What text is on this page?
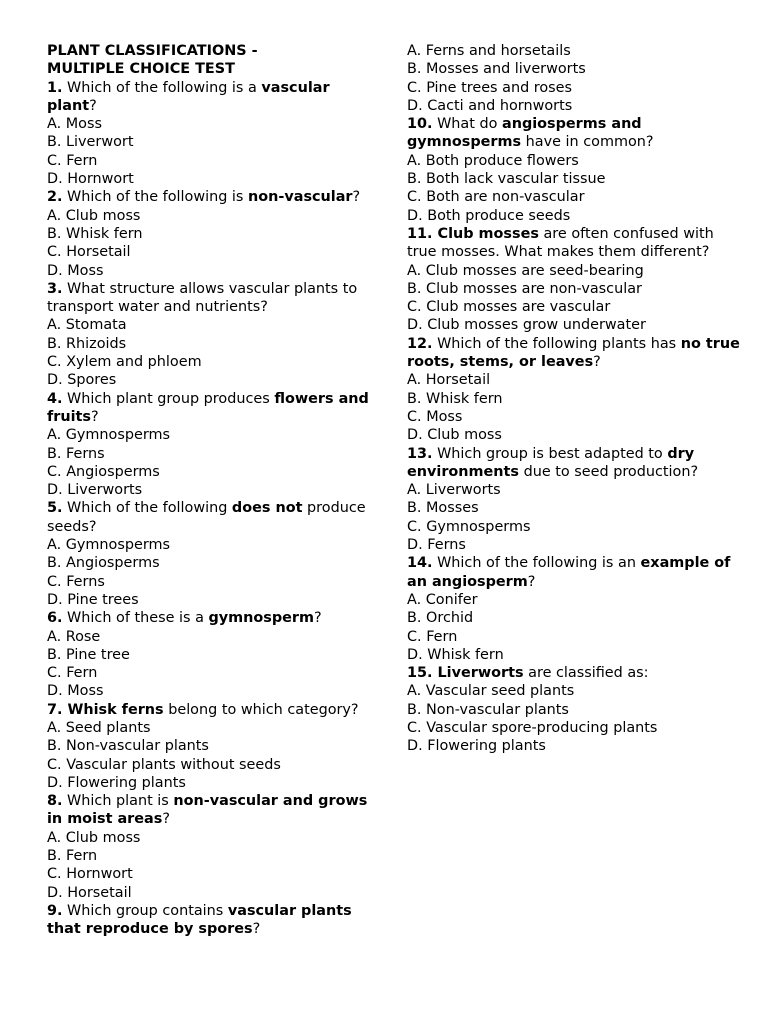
PLANT CLASSIFICATIONS -
MULTIPLE CHOICE TEST

1. Which of the following is a vascular plant?

A. Moss

B. Liverwort

C. Fern

D. Hornwort

2. Which of the following is non-vascular?

A. Club moss

B. Whisk fern

C. Horsetail

D. Moss

3. What structure allows vascular plants to transport water and nutrients?

A. Stomata

B. Rhizoids

C. Xylem and phloem

D. Spores

4. Which plant group produces flowers and fruits?

A. Gymnosperms

B. Ferns

C. Angiosperms

D. Liverworts

5. Which of the following does not produce seeds?

A. Gymnosperms

B. Angiosperms

C. Ferns

D. Pine trees

6. Which of these is a gymnosperm?

A. Rose

B. Pine tree

C. Fern

D. Moss

7. Whisk ferns belong to which category?

A. Seed plants

B. Non-vascular plants

C. Vascular plants without seeds

D. Flowering plants

8. Which plant is non-vascular and grows in moist areas?

A. Club moss

B. Fern

C. Hornwort

D. Horsetail

9. Which group contains vascular plants that reproduce by spores?

A. Ferns and horsetails

B. Mosses and liverworts

C. Pine trees and roses

D. Cacti and hornworts

10. What do angiosperms and gymnosperms have in common?

A. Both produce flowers

B. Both lack vascular tissue

C. Both are non-vascular

D. Both produce seeds

11. Club mosses are often confused with true mosses. What makes them different?

A. Club mosses are seed-bearing

B. Club mosses are non-vascular

C. Club mosses are vascular

D. Club mosses grow underwater

12. Which of the following plants has no true roots, stems, or leaves?

A. Horsetail

B. Whisk fern

C. Moss

D. Club moss

13. Which group is best adapted to dry environments due to seed production?

A. Liverworts

B. Mosses

C. Gymnosperms

D. Ferns

14. Which of the following is an example of an angiosperm?

A. Conifer

B. Orchid

C. Fern

D. Whisk fern

15. Liverworts are classified as:

A. Vascular seed plants

B. Non-vascular plants

C. Vascular spore-producing plants

D. Flowering plants
